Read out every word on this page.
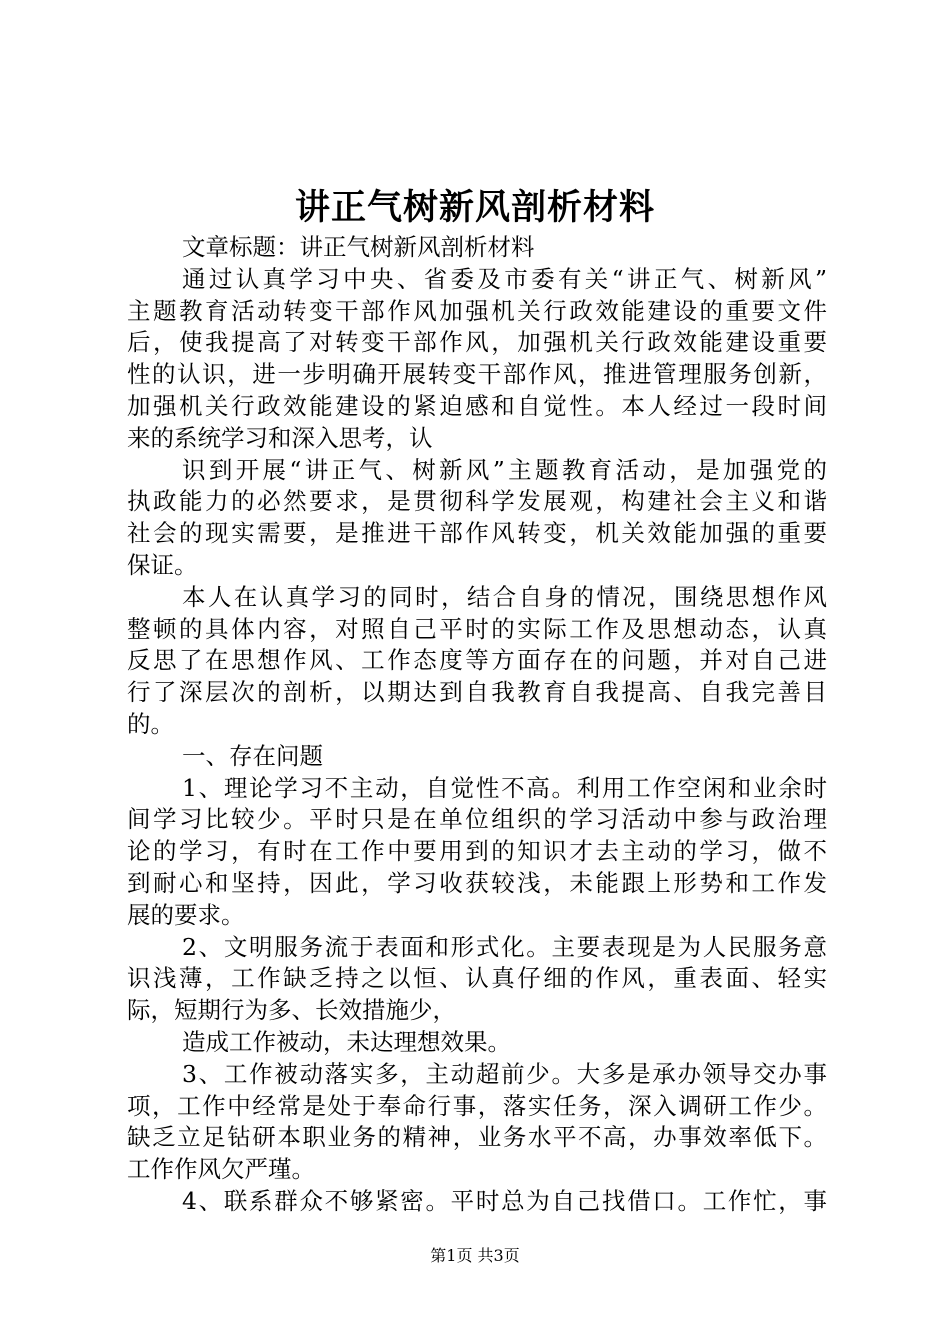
讲正气树新风剖析材料
文章标题：讲正气树新风剖析材料
通过认真学习中央、省委及市委有关“讲正气、树新风”
主题教育活动转变干部作风加强机关行政效能建设的重要文件
后，使我提高了对转变干部作风，加强机关行政效能建设重要
性的认识，进一步明确开展转变干部作风，推进管理服务创新，
加强机关行政效能建设的紧迫感和自觉性。本人经过一段时间
来的系统学习和深入思考，认
识到开展“讲正气、树新风”主题教育活动，是加强党的
执政能力的必然要求，是贯彻科学发展观，构建社会主义和谐
社会的现实需要，是推进干部作风转变，机关效能加强的重要
保证。
本人在认真学习的同时，结合自身的情况，围绕思想作风
整顿的具体内容，对照自己平时的实际工作及思想动态，认真
反思了在思想作风、工作态度等方面存在的问题，并对自己进
行了深层次的剖析，以期达到自我教育自我提高、自我完善目
的。
一、存在问题
1、理论学习不主动，自觉性不高。利用工作空闲和业余时
间学习比较少。平时只是在单位组织的学习活动中参与政治理
论的学习，有时在工作中要用到的知识才去主动的学习，做不
到耐心和坚持，因此，学习收获较浅，未能跟上形势和工作发
展的要求。
2、文明服务流于表面和形式化。主要表现是为人民服务意
识浅薄，工作缺乏持之以恒、认真仔细的作风，重表面、轻实
际，短期行为多、长效措施少，
造成工作被动，未达理想效果。
3、工作被动落实多，主动超前少。大多是承办领导交办事
项，工作中经常是处于奉命行事，落实任务，深入调研工作少。
缺乏立足钻研本职业务的精神，业务水平不高，办事效率低下。
工作作风欠严瑾。
4、联系群众不够紧密。平时总为自己找借口。工作忙，事
第1页 共3页
